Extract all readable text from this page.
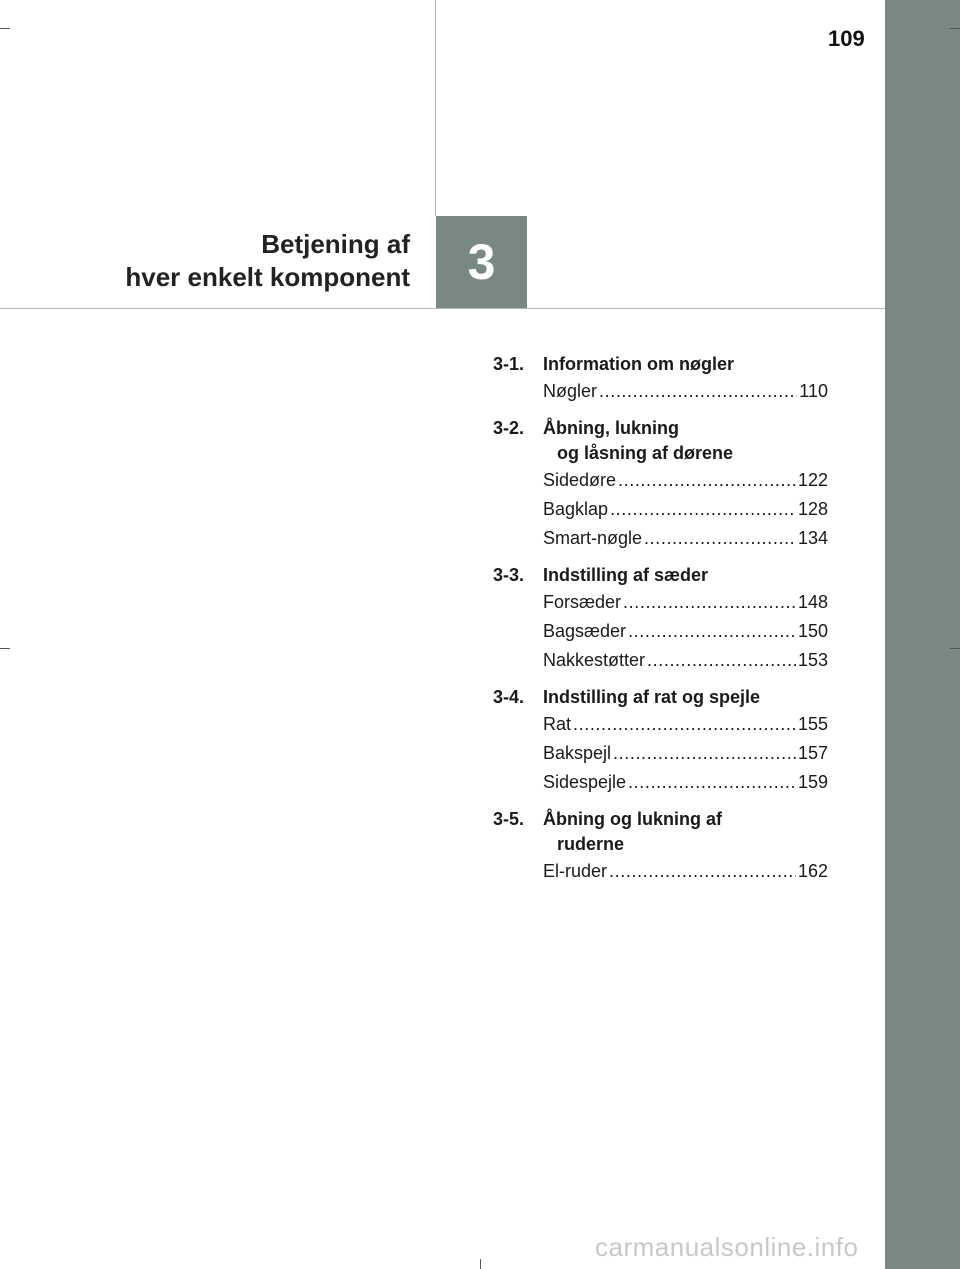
109
Betjening af
hver enkelt komponent 3
3-1.	Information om nøgler
Nøgler . . .	110
3-2.	Åbning, lukning
og låsning af dørene
Sidedøre . . .	122
Bagklap . . .	128
Smart-nøgle . . .	134
3-3.	Indstilling af sæder
Forsæder . . .	148
Bagsæder . . .	150
Nakkestøtter . . .	153
3-4.	Indstilling af rat og spejle
Rat . . .	155
Bakspejl . . .	157
Sidespejle . . .	159
3-5.	Åbning og lukning af
ruderne
El-ruder . . .	162
carmanualsonline.info
